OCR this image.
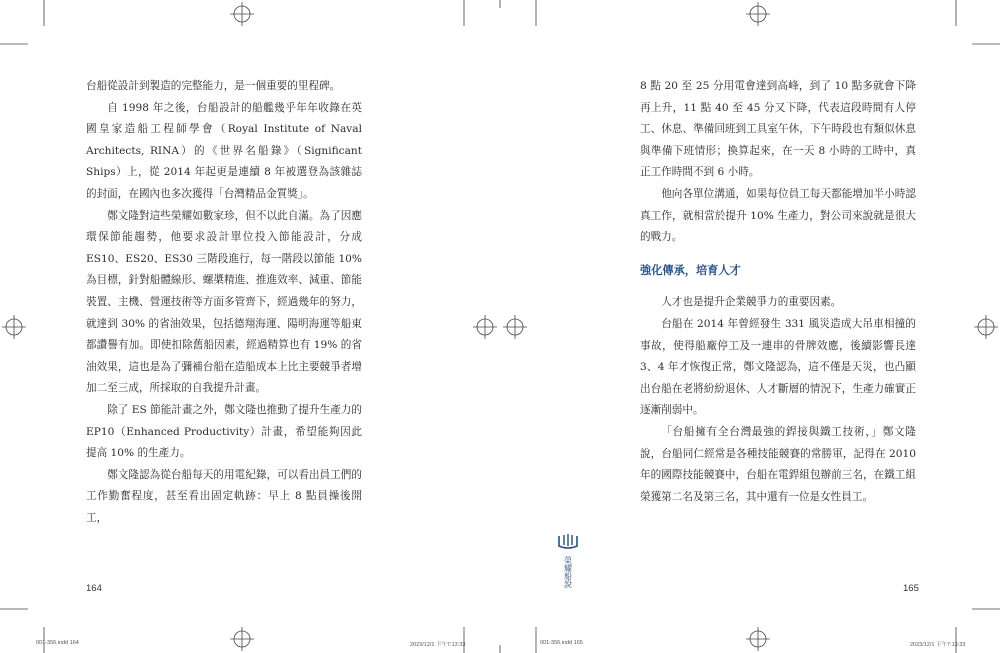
台船從設計到製造的完整能力，是一個重要的里程碑。

自 1998 年之後，台船設計的船艦幾乎年年收錄在英國皇家造船工程師學會（Royal Institute of Naval Architects, RINA）的《世界名船錄》（Significant Ships）上，從 2014 年起更是連續 8 年被選登為該雜誌的封面，在國內也多次獲得「台灣精品金質獎」。

鄭文隆對這些榮耀如數家珍，但不以此自滿。為了因應環保節能趨勢，他要求設計單位投入節能設計，分成 ES10、ES20、ES30 三階段進行，每一階段以節能 10% 為目標，針對船體線形、螺槳精進、推進效率、減重、節能裝置、主機、營運技術等方面多管齊下，經過幾年的努力，就達到 30% 的省油效果，包括德翔海運、陽明海運等船東都讚譽有加。即使扣除舊船因素，經過精算也有 19% 的省油效果，這也是為了彌補台船在造船成本上比主要競爭者增加二至三成，所採取的自我提升計畫。

除了 ES 節能計畫之外，鄭文隆也推動了提升生產力的 EP10（Enhanced Productivity）計畫，希望能夠因此提高 10% 的生產力。

鄭文隆認為從台船每天的用電紀錄，可以看出員工們的工作勤奮程度，甚至看出固定軌跡：早上 8 點員操後開工，

8 點 20 至 25 分用電會達到高峰，到了 10 點多就會下降再上升，11 點 40 至 45 分又下降，代表這段時間有人停工、休息、準備回班到工具室午休，下午時段也有類似休息與準備下班情形；換算起來，在一天 8 小時的工時中，真正工作時間不到 6 小時。

他向各單位溝通，如果每位員工每天都能增加半小時認真工作，就相當於提升 10% 生產力，對公司來說就是很大的戰力。

強化傳承，培育人才

人才也是提升企業競爭力的重要因素。

台船在 2014 年曾經發生 331 風災造成大吊車相撞的事故，使得船廠停工及一連串的骨牌效應，後續影響長達 3、4 年才恢復正常，鄭文隆認為，這不僅是天災，也凸顯出台船在老將紛紛退休、人才斷層的情況下，生產力確實正逐漸削弱中。

「台船擁有全台灣最強的銲接與鐵工技術，」鄭文隆說，台船同仁經常是各種技能競賽的常勝軍，記得在 2010 年的國際技能競賽中，台船在電銲組包辦前三名，在鐵工組榮獲第二名及第三名，其中還有一位是女性員工。

164	165
榮耀船說
001-356.indd 164	2023/12/1 下午7:13:33	001-356.indd 165	2023/12/1 下午7:13:33
